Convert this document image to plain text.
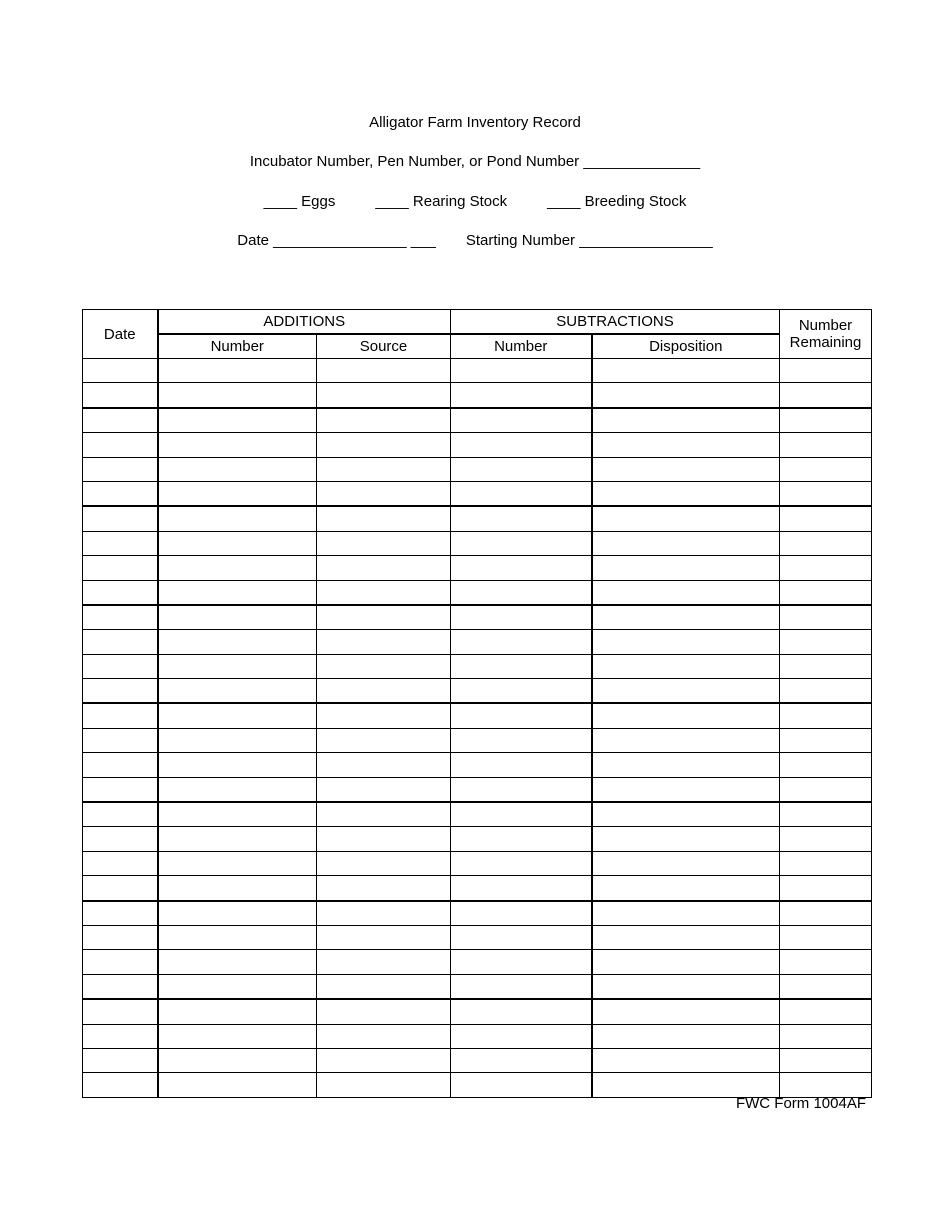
Alligator Farm Inventory Record
Incubator Number, Pen Number, or Pond Number ______________
____ Eggs	____ Rearing Stock	____ Breeding Stock
Date ________________ ___ Starting Number ________________
Date	ADDITIONS		SUBTRACTIONS		Number Remaining
	Number	Source	Number	Disposition	

FWC Form 1004AF
